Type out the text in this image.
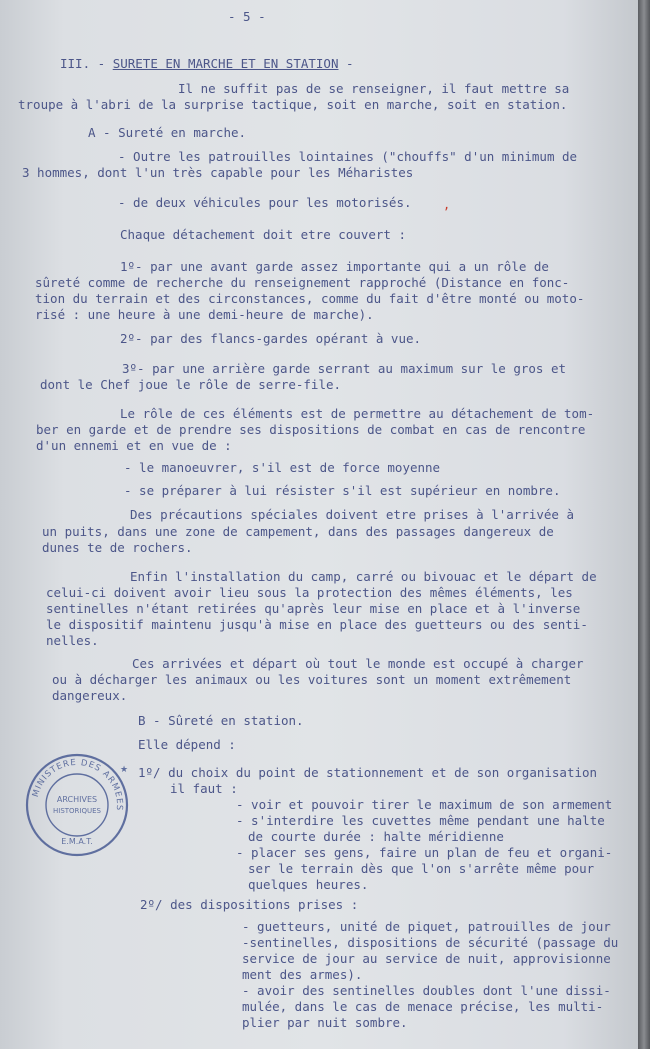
- 5 -

III. - SURETE EN MARCHE ET EN STATION -

Il ne suffit pas de se renseigner, il faut mettre sa

troupe à l'abri de la surprise tactique, soit en marche, soit en station.

A - Sureté en marche.

- Outre les patrouilles lointaines ("chouffs" d'un minimum de

3 hommes, dont l'un très capable pour les Méharistes

- de deux véhicules pour les motorisés.

Chaque détachement doit etre couvert :

1º- par une avant garde assez importante qui a un rôle de

sûreté comme de recherche du renseignement rapproché (Distance en fonc-

tion du terrain et des circonstances, comme du fait d'être monté ou moto-

risé : une heure à une demi-heure de marche).

2º- par des flancs-gardes opérant à vue.

3º- par une arrière garde serrant au maximum sur le gros et

dont le Chef joue le rôle de serre-file.

Le rôle de ces éléments est de permettre au détachement de tom-

ber en garde et de prendre ses dispositions de combat en cas de rencontre

d'un ennemi et en vue de :

- le manoeuvrer, s'il est de force moyenne

- se préparer à lui résister s'il est supérieur en nombre.

Des précautions spéciales doivent etre prises à l'arrivée à

un puits, dans une zone de campement, dans des passages dangereux de

dunes te de rochers.

Enfin l'installation du camp, carré ou bivouac et le départ de

celui-ci doivent avoir lieu sous la protection des mêmes éléments, les

sentinelles n'étant retirées qu'après leur mise en place et à l'inverse

le dispositif maintenu jusqu'à mise en place des guetteurs ou des senti-

nelles.

Ces arrivées et départ où tout le monde est occupé à charger

ou à décharger les animaux ou les voitures sont un moment extrêmement

dangereux.

B - Sûreté en station.

Elle dépend :

1º/ du choix du point de stationnement et de son organisation

il faut :

- voir et pouvoir tirer le maximum de son armement

- s'interdire les cuvettes même pendant une halte

de courte durée : halte méridienne

- placer ses gens, faire un plan de feu et organi-

ser le terrain dès que l'on s'arrête même pour

quelques heures.

2º/ des dispositions prises :

- guetteurs, unité de piquet, patrouilles de jour

-sentinelles, dispositions de sécurité (passage du

service de jour au service de nuit, approvisionne

ment des armes).

- avoir des sentinelles doubles dont l'une dissi-

mulée, dans le cas de menace précise, les multi-

plier par nuit sombre.

,
MINISTERE DES ARMEES
E.M.A.T.
ARCHIVES
HISTORIQUES
★
